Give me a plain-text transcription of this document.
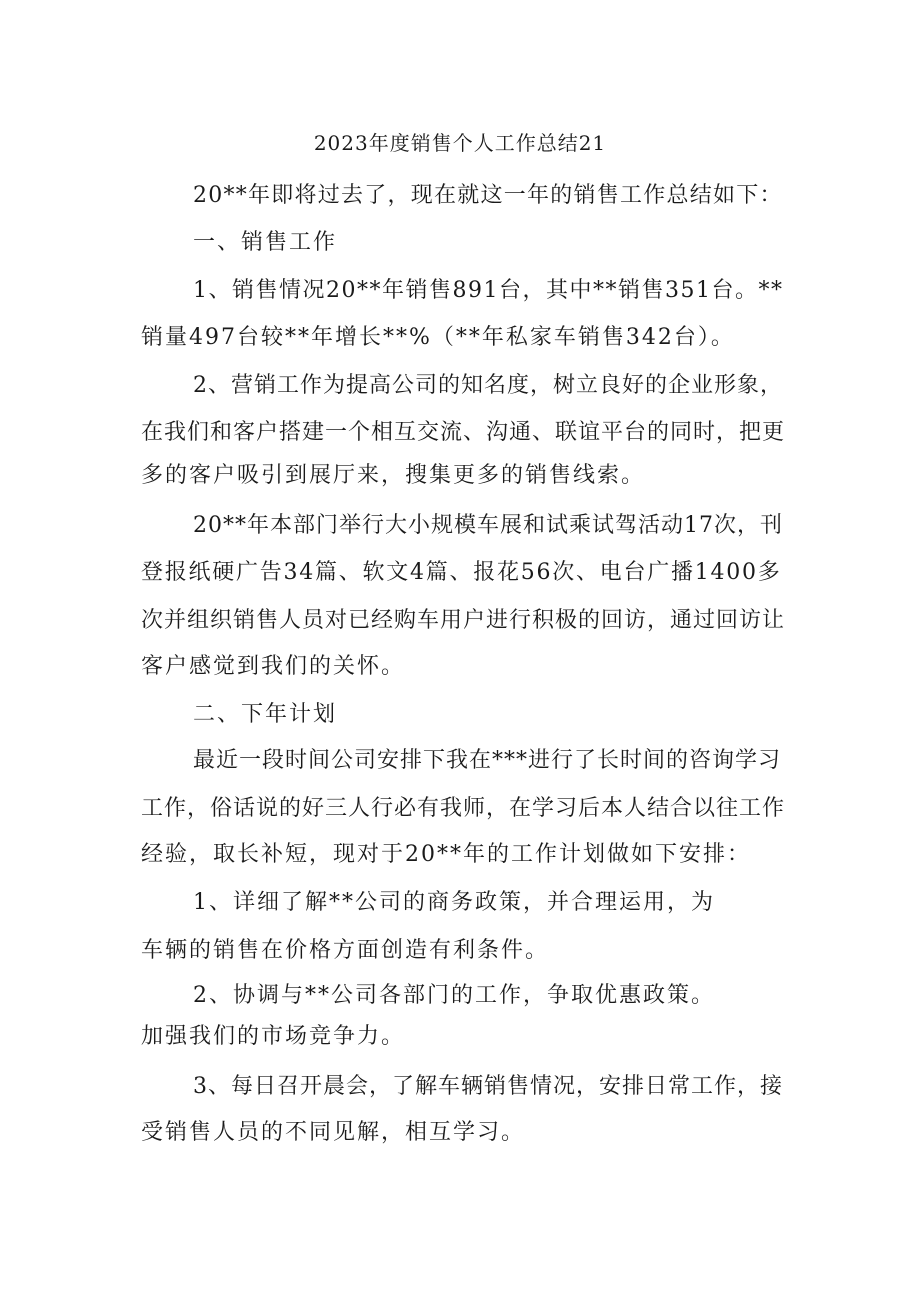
2023年度销售个人工作总结21
20**年即将过去了，现在就这一年的销售工作总结如下：
一、销售工作
1、销售情况20**年销售891台，其中**销售351台。**
销量497台较**年增长**%（**年私家车销售342台）。
2、营销工作为提高公司的知名度，树立良好的企业形象，
在我们和客户搭建一个相互交流、沟通、联谊平台的同时，把更
多的客户吸引到展厅来，搜集更多的销售线索。
20**年本部门举行大小规模车展和试乘试驾活动17次，刊
登报纸硬广告34篇、软文4篇、报花56次、电台广播1400多
次并组织销售人员对已经购车用户进行积极的回访，通过回访让
客户感觉到我们的关怀。
二、下年计划
最近一段时间公司安排下我在***进行了长时间的咨询学习
工作，俗话说的好三人行必有我师，在学习后本人结合以往工作
经验，取长补短，现对于20**年的工作计划做如下安排：
1、详细了解**公司的商务政策，并合理运用，为
车辆的销售在价格方面创造有利条件。
2、协调与**公司各部门的工作，争取优惠政策。
加强我们的市场竞争力。
3、每日召开晨会，了解车辆销售情况，安排日常工作，接
受销售人员的不同见解，相互学习。
